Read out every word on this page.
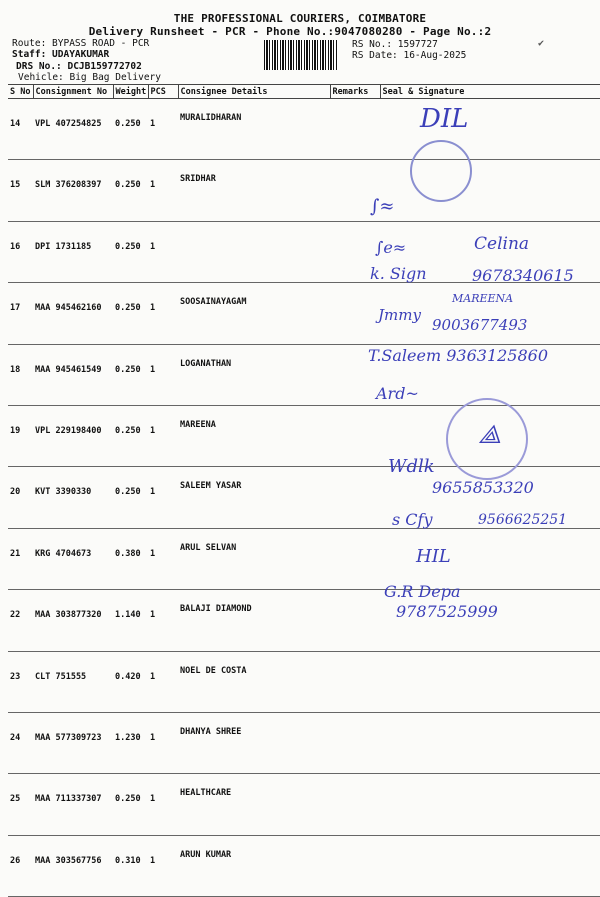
THE PROFESSIONAL COURIERS, COIMBATORE
Delivery Runsheet - PCR - Phone No.:9047080280 - Page No.:2
Route: BYPASS ROAD - PCR
Staff: UDAYAKUMAR
DRS No.: DCJB159772702
Vehicle: Big Bag Delivery
RS No.: 1597727
RS Date: 16-Aug-2025
✔
S No	Consignment No	Weight	PCS	Consignee Details	Remarks	Seal & Signature
14	VPL 407254825	0.250	1	MURALIDHARAN		
15	SLM 376208397	0.250	1	SRIDHAR		
16	DPI 1731185	0.250	1			
17	MAA 945462160	0.250	1	SOOSAINAYAGAM		
18	MAA 945461549	0.250	1	LOGANATHAN		
19	VPL 229198400	0.250	1	MAREENA		
20	KVT 3390330	0.250	1	SALEEM YASAR		
21	KRG 4704673	0.380	1	ARUL SELVAN		
22	MAA 303877320	1.140	1	BALAJI DIAMOND		
23	CLT 751555	0.420	1	NOEL DE COSTA		
24	MAA 577309723	1.230	1	DHANYA SHREE		
25	MAA 711337307	0.250	1	HEALTHCARE		
26	MAA 303567756	0.310	1	ARUN KUMAR		
DIL
∫≈
Celina
∫e≈
9678340615
k. Sign
MAREENA
Jmmy
9003677493
T.Saleem 9363125860
Ard~
⟁
Wdlk
9655853320
s Cfy	9566625251
HIL
G.R Depa
9787525999
